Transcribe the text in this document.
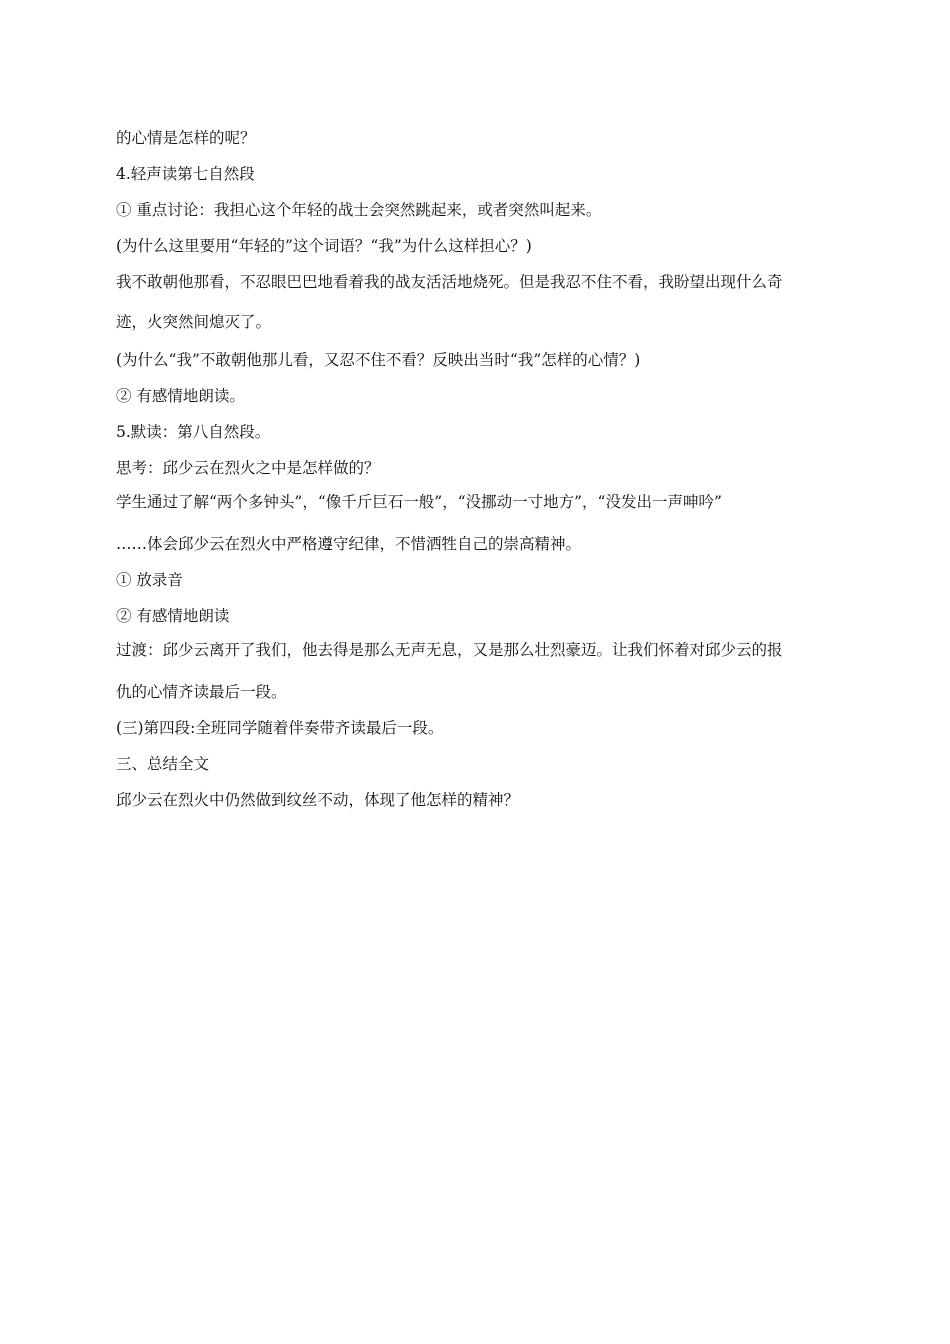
的心情是怎样的呢？
4.轻声读第七自然段
① 重点讨论：我担心这个年轻的战士会突然跳起来，或者突然叫起来。
(为什么这里要用“年轻的”这个词语？“我”为什么这样担心？)
我不敢朝他那看，不忍眼巴巴地看着我的战友活活地烧死。但是我忍不住不看，我盼望出现什么奇
迹，火突然间熄灭了。
(为什么“我”不敢朝他那儿看，又忍不住不看？反映出当时“我”怎样的心情？)
② 有感情地朗读。
5.默读：第八自然段。
思考：邱少云在烈火之中是怎样做的？
学生通过了解“两个多钟头”，“像千斤巨石一般”，“没挪动一寸地方”，“没发出一声呻吟”
……体会邱少云在烈火中严格遵守纪律，不惜洒牲自己的崇高精神。
① 放录音
② 有感情地朗读
过渡：邱少云离开了我们，他去得是那么无声无息，又是那么壮烈豪迈。让我们怀着对邱少云的报
仇的心情齐读最后一段。
(三)第四段:全班同学随着伴奏带齐读最后一段。
三、总结全文
邱少云在烈火中仍然做到纹丝不动，体现了他怎样的精神？
